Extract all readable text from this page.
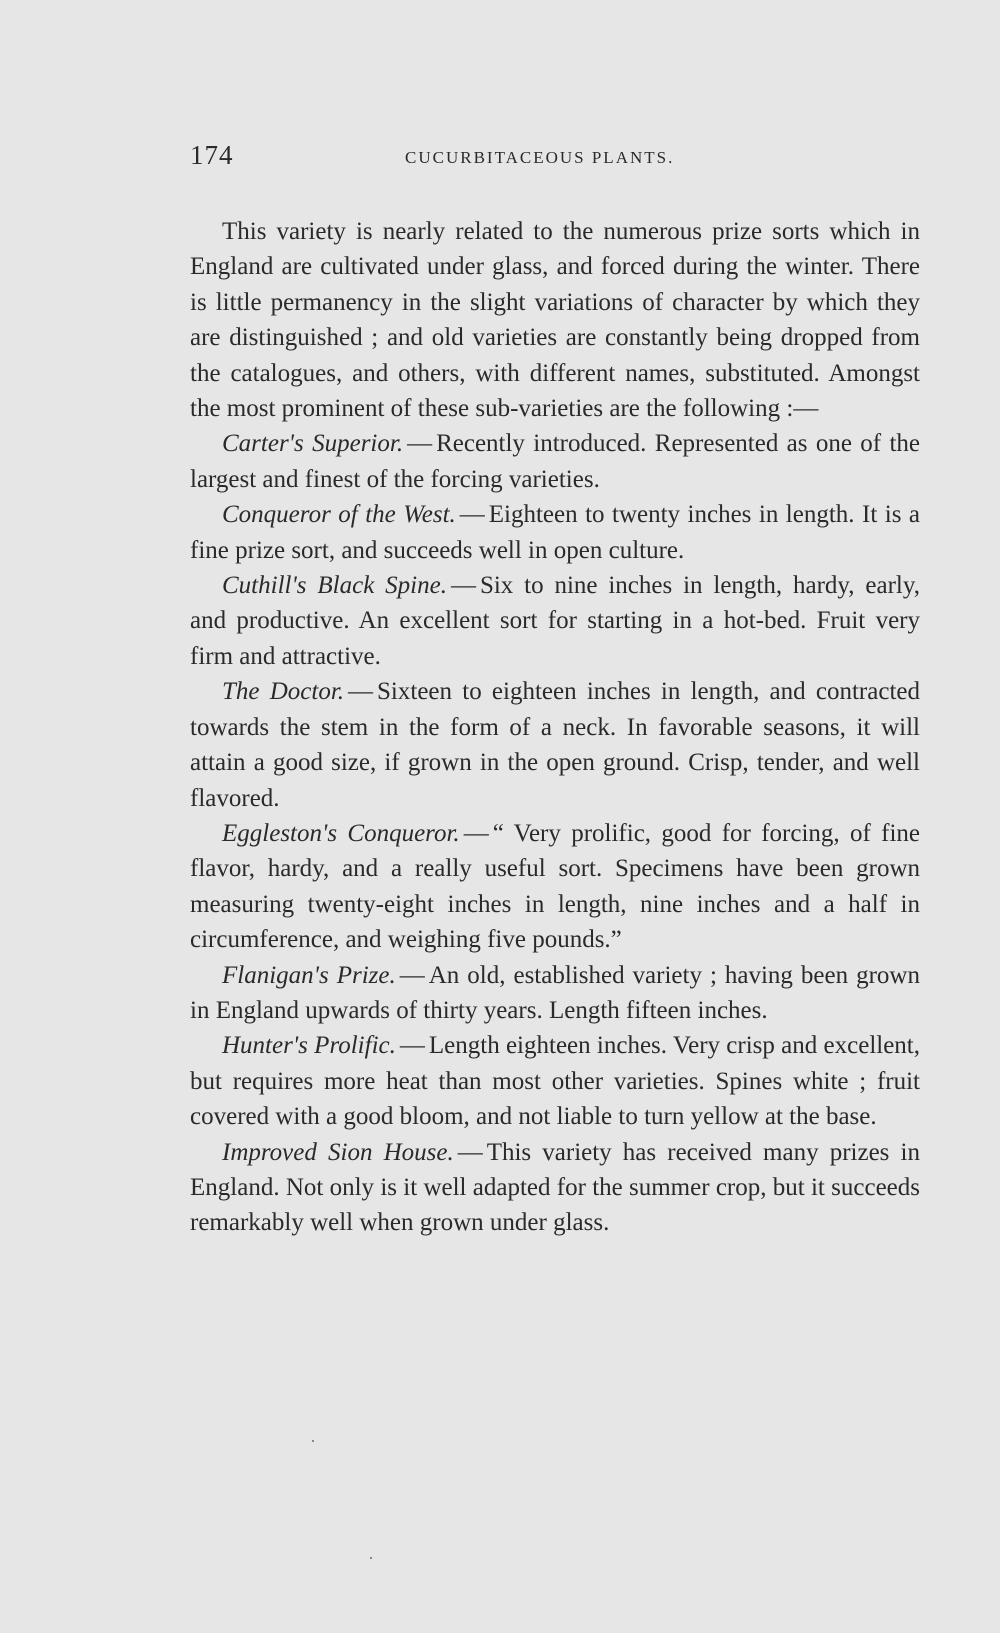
174	CUCURBITACEOUS PLANTS.

This variety is nearly related to the numerous prize sorts which in England are cultivated under glass, and forced during the winter. There is little permanency in the slight variations of character by which they are distinguished ; and old varieties are constantly being dropped from the catalogues, and others, with different names, substituted. Amongst the most prominent of these sub-varieties are the following :—

Carter's Superior. — Recently introduced. Represented as one of the largest and finest of the forcing varieties.

Conqueror of the West. — Eighteen to twenty inches in length. It is a fine prize sort, and succeeds well in open culture.

Cuthill's Black Spine. — Six to nine inches in length, hardy, early, and productive. An excellent sort for starting in a hot-bed. Fruit very firm and attractive.

The Doctor. — Sixteen to eighteen inches in length, and contracted towards the stem in the form of a neck. In favorable seasons, it will attain a good size, if grown in the open ground. Crisp, tender, and well flavored.

Eggleston's Conqueror. — “ Very prolific, good for forcing, of fine flavor, hardy, and a really useful sort. Specimens have been grown measuring twenty-eight inches in length, nine inches and a half in circumference, and weighing five pounds.”

Flanigan's Prize. — An old, established variety ; having been grown in England upwards of thirty years. Length fifteen inches.

Hunter's Prolific. — Length eighteen inches. Very crisp and excellent, but requires more heat than most other varieties. Spines white ; fruit covered with a good bloom, and not liable to turn yellow at the base.

Improved Sion House. — This variety has received many prizes in England. Not only is it well adapted for the summer crop, but it succeeds remarkably well when grown under glass.
